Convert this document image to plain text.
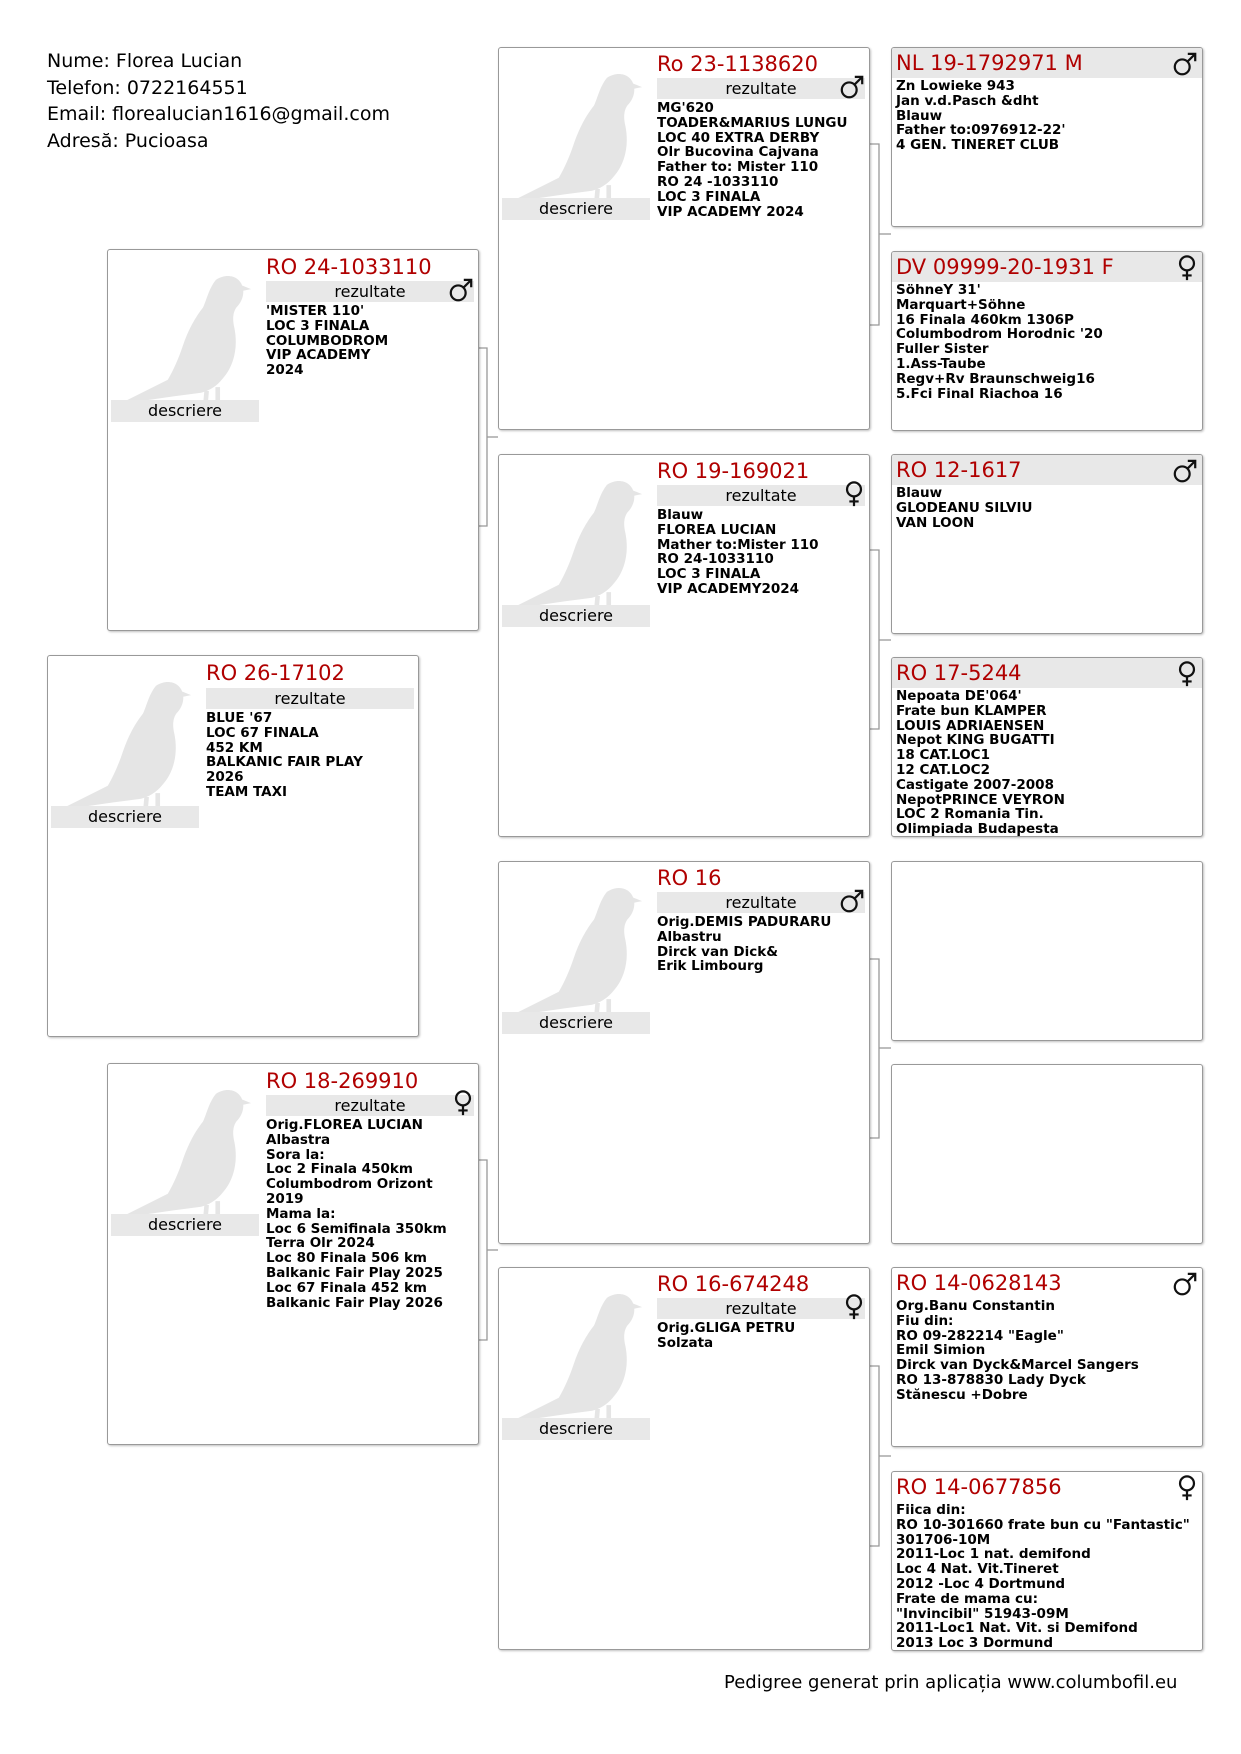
Nume: Florea Lucian
Telefon: 0722164551
Email: florealucian1616@gmail.com
Adresă: Pucioasa
descriere
RO 26-17102
rezultate
BLUE '67
LOC 67 FINALA
452 KM
BALKANIC FAIR PLAY
2026
TEAM TAXI
descriere
RO 24-1033110
rezultate
'MISTER 110'
LOC 3 FINALA
COLUMBODROM
VIP ACADEMY
2024
descriere
RO 18-269910
rezultate
Orig.FLOREA LUCIAN
Albastra
Sora la:
Loc 2 Finala 450km
Columbodrom Orizont
2019
Mama la:
Loc 6 Semifinala 350km
Terra Olr 2024
Loc 80 Finala 506 km
Balkanic Fair Play 2025
Loc 67 Finala 452 km
Balkanic Fair Play 2026
descriere
Ro 23-1138620
rezultate
MG'620
TOADER&MARIUS LUNGU
LOC 40 EXTRA DERBY
Olr Bucovina Cajvana
Father to: Mister 110
RO 24 -1033110
LOC 3 FINALA
VIP ACADEMY 2024
descriere
RO 19-169021
rezultate
Blauw
FLOREA LUCIAN
Mather to:Mister 110
RO 24-1033110
LOC 3 FINALA
VIP ACADEMY2024
descriere
RO 16
rezultate
Orig.DEMIS PADURARU
Albastru
Dirck van Dick&
Erik Limbourg
descriere
RO 16-674248
rezultate
Orig.GLIGA PETRU
Solzata
NL 19-1792971 M
Zn Lowieke 943
Jan v.d.Pasch &dht
Blauw
Father to:0976912-22'
4 GEN. TINERET CLUB
DV 09999-20-1931 F
SöhneY 31'
Marquart+Söhne
16 Finala 460km 1306P
Columbodrom Horodnic '20
Fuller Sister
1.Ass-Taube
Regv+Rv Braunschweig16
5.Fci Final Riachoa 16
RO 12-1617
Blauw
GLODEANU SILVIU
VAN LOON
RO 17-5244
Nepoata DE'064'
Frate bun KLAMPER
LOUIS ADRIAENSEN
Nepot KING BUGATTI
18 CAT.LOC1
12 CAT.LOC2
Castigate 2007-2008
NepotPRINCE VEYRON
LOC 2 Romania Tin.
Olimpiada Budapesta
RO 14-0628143
Org.Banu Constantin
Fiu din:
RO 09-282214 "Eagle"
Emil Simion
Dirck van Dyck&Marcel Sangers
RO 13-878830 Lady Dyck
Stănescu +Dobre
RO 14-0677856
Fiica din:
RO 10-301660 frate bun cu "Fantastic"
301706-10M
2011-Loc 1 nat. demifond
Loc 4 Nat. Vit.Tineret
2012 -Loc 4 Dortmund
Frate de mama cu:
"Invincibil" 51943-09M
2011-Loc1 Nat. Vit. si Demifond
2013 Loc 3 Dormund
Pedigree generat prin aplicația www.columbofil.eu
